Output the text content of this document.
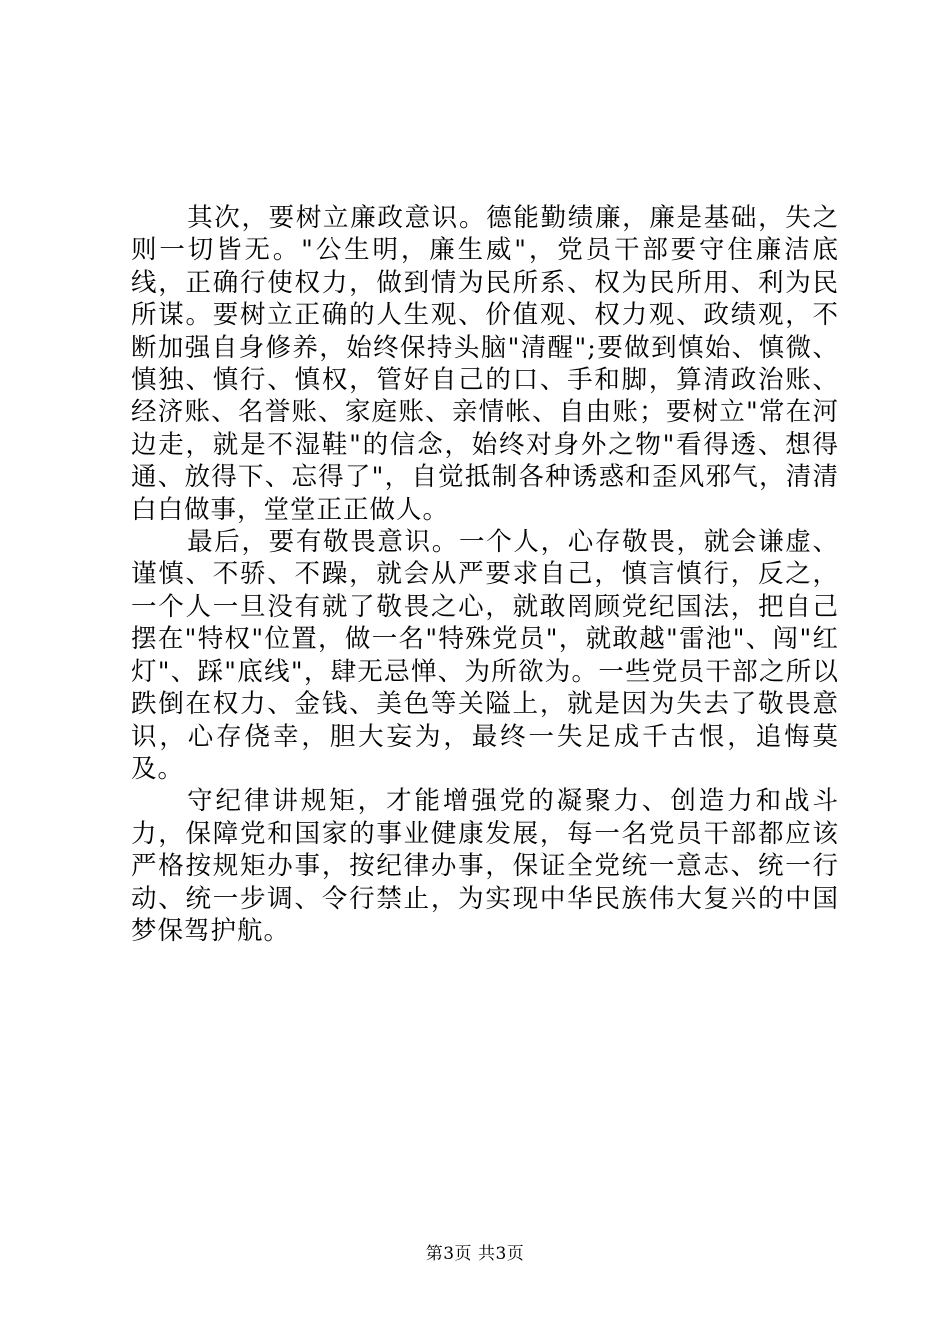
其次，要树立廉政意识。德能勤绩廉，廉是基础，失之则一切皆无。"公生明，廉生威"，党员干部要守住廉洁底线，正确行使权力，做到情为民所系、权为民所用、利为民所谋。要树立正确的人生观、价值观、权力观、政绩观，不断加强自身修养，始终保持头脑"清醒";要做到慎始、慎微、慎独、慎行、慎权，管好自己的口、手和脚，算清政治账、经济账、名誉账、家庭账、亲情帐、自由账；要树立"常在河边走，就是不湿鞋"的信念，始终对身外之物"看得透、想得通、放得下、忘得了"，自觉抵制各种诱惑和歪风邪气，清清白白做事，堂堂正正做人。

最后，要有敬畏意识。一个人，心存敬畏，就会谦虚、谨慎、不骄、不躁，就会从严要求自己，慎言慎行，反之，一个人一旦没有就了敬畏之心，就敢罔顾党纪国法，把自己摆在"特权"位置，做一名"特殊党员"，就敢越"雷池"、闯"红灯"、踩"底线"，肆无忌惮、为所欲为。一些党员干部之所以跌倒在权力、金钱、美色等关隘上，就是因为失去了敬畏意识，心存侥幸，胆大妄为，最终一失足成千古恨，追悔莫及。

守纪律讲规矩，才能增强党的凝聚力、创造力和战斗力，保障党和国家的事业健康发展，每一名党员干部都应该严格按规矩办事，按纪律办事，保证全党统一意志、统一行动、统一步调、令行禁止，为实现中华民族伟大复兴的中国梦保驾护航。

第3页 共3页
